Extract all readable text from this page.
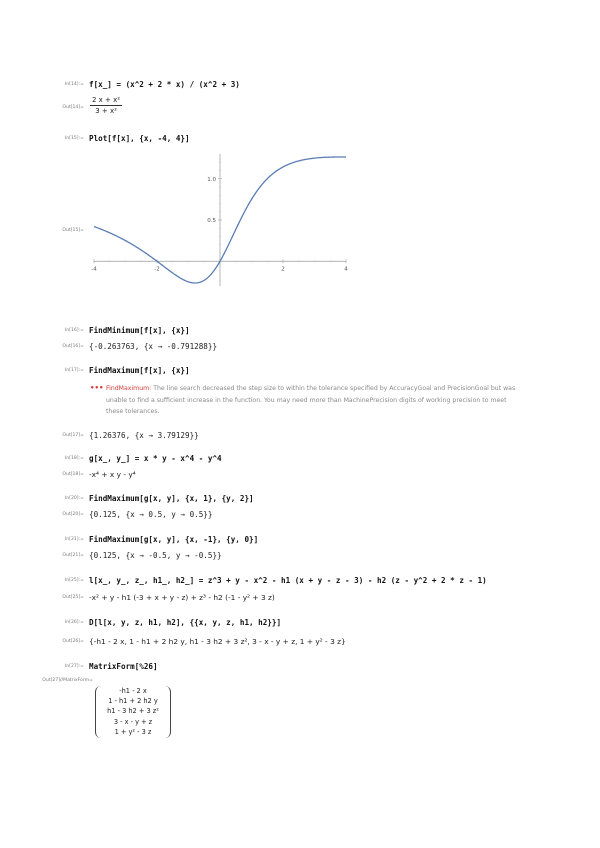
In[14]:= f[x_] = (x^2 + 2 * x) / (x^2 + 3)
Out[14]=
2 x + x²
3 + x²
In[15]:= Plot[f[x], {x, -4, 4}]
Out[15]=
-4	-2	2	4
0.5
1.0
In[16]:= FindMinimum[f[x], {x}]
Out[16]= {-0.263763, {x → -0.791288}}
In[17]:= FindMaximum[f[x], {x}]
••• FindMaximum: The line search decreased the step size to within the tolerance specified by AccuracyGoal and PrecisionGoal but was unable to find a sufficient increase in the function. You may need more than MachinePrecision digits of working precision to meet these tolerances.
Out[17]= {1.26376, {x → 3.79129}}
In[18]:= g[x_, y_] = x * y - x^4 - y^4
Out[18]= -x⁴ + x y - y⁴
In[20]:= FindMaximum[g[x, y], {x, 1}, {y, 2}]
Out[20]= {0.125, {x → 0.5, y → 0.5}}
In[21]:= FindMaximum[g[x, y], {x, -1}, {y, 0}]
Out[21]= {0.125, {x → -0.5, y → -0.5}}
In[25]:= l[x_, y_, z_, h1_, h2_] = z^3 + y - x^2 - h1 (x + y - z - 3) - h2 (z - y^2 + 2 * z - 1)
Out[25]= -x² + y - h1 (-3 + x + y - z) + z³ - h2 (-1 - y² + 3 z)
In[26]:= D[l[x, y, z, h1, h2], {{x, y, z, h1, h2}}]
Out[26]= {-h1 - 2 x, 1 - h1 + 2 h2 y, h1 - 3 h2 + 3 z², 3 - x - y + z, 1 + y² - 3 z}
In[27]:= MatrixForm[%26]
Out[27]//MatrixForm=
-h1 - 2 x
1 - h1 + 2 h2 y
h1 - 3 h2 + 3 z²
3 - x - y + z
1 + y² - 3 z
